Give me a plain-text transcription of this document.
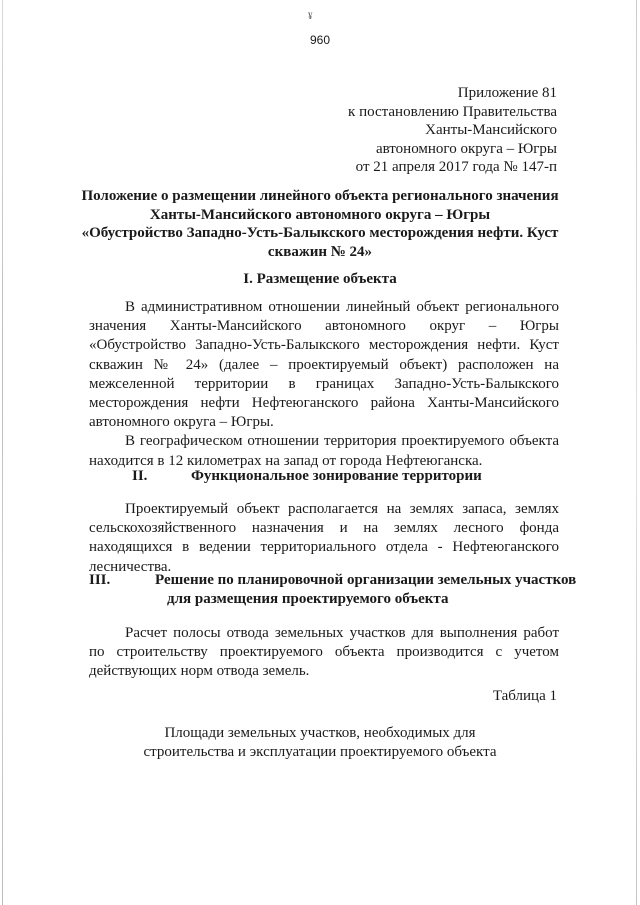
¥
960
Приложение 81
к постановлению Правительства
Ханты-Мансийского
автономного округа – Югры
от 21 апреля 2017 года № 147-п
Положение о размещении линейного объекта регионального значения
Ханты-Мансийского автономного округа – Югры
«Обустройство Западно-Усть-Балыкского месторождения нефти. Куст
скважин № 24»
I. Размещение объекта

В административном отношении линейный объект регионального значения Ханты-Мансийского автономного округ – Югры «Обустройство Западно-Усть-Балыкского месторождения нефти. Куст скважин № 24» (далее – проектируемый объект) расположен на межселенной территории в границах Западно-Усть-Балыкского месторождения нефти Нефтеюганского района Ханты-Мансийского автономного округа – Югры.

В географическом отношении территория проектируемого объекта находится в 12 километрах на запад от города Нефтеюганска.

II.	Функциональное зонирование территории

Проектируемый объект располагается на землях запаса, землях сельскохозяйственного назначения и на землях лесного фонда находящихся в ведении территориального отдела - Нефтеюганского лесничества.

III.	Решение по планировочной организации земельных участков
для размещения проектируемого объекта

Расчет полосы отвода земельных участков для выполнения работ по строительству проектируемого объекта производится с учетом действующих норм отвода земель.

Таблица 1
Площади земельных участков, необходимых для
строительства и эксплуатации проектируемого объекта
